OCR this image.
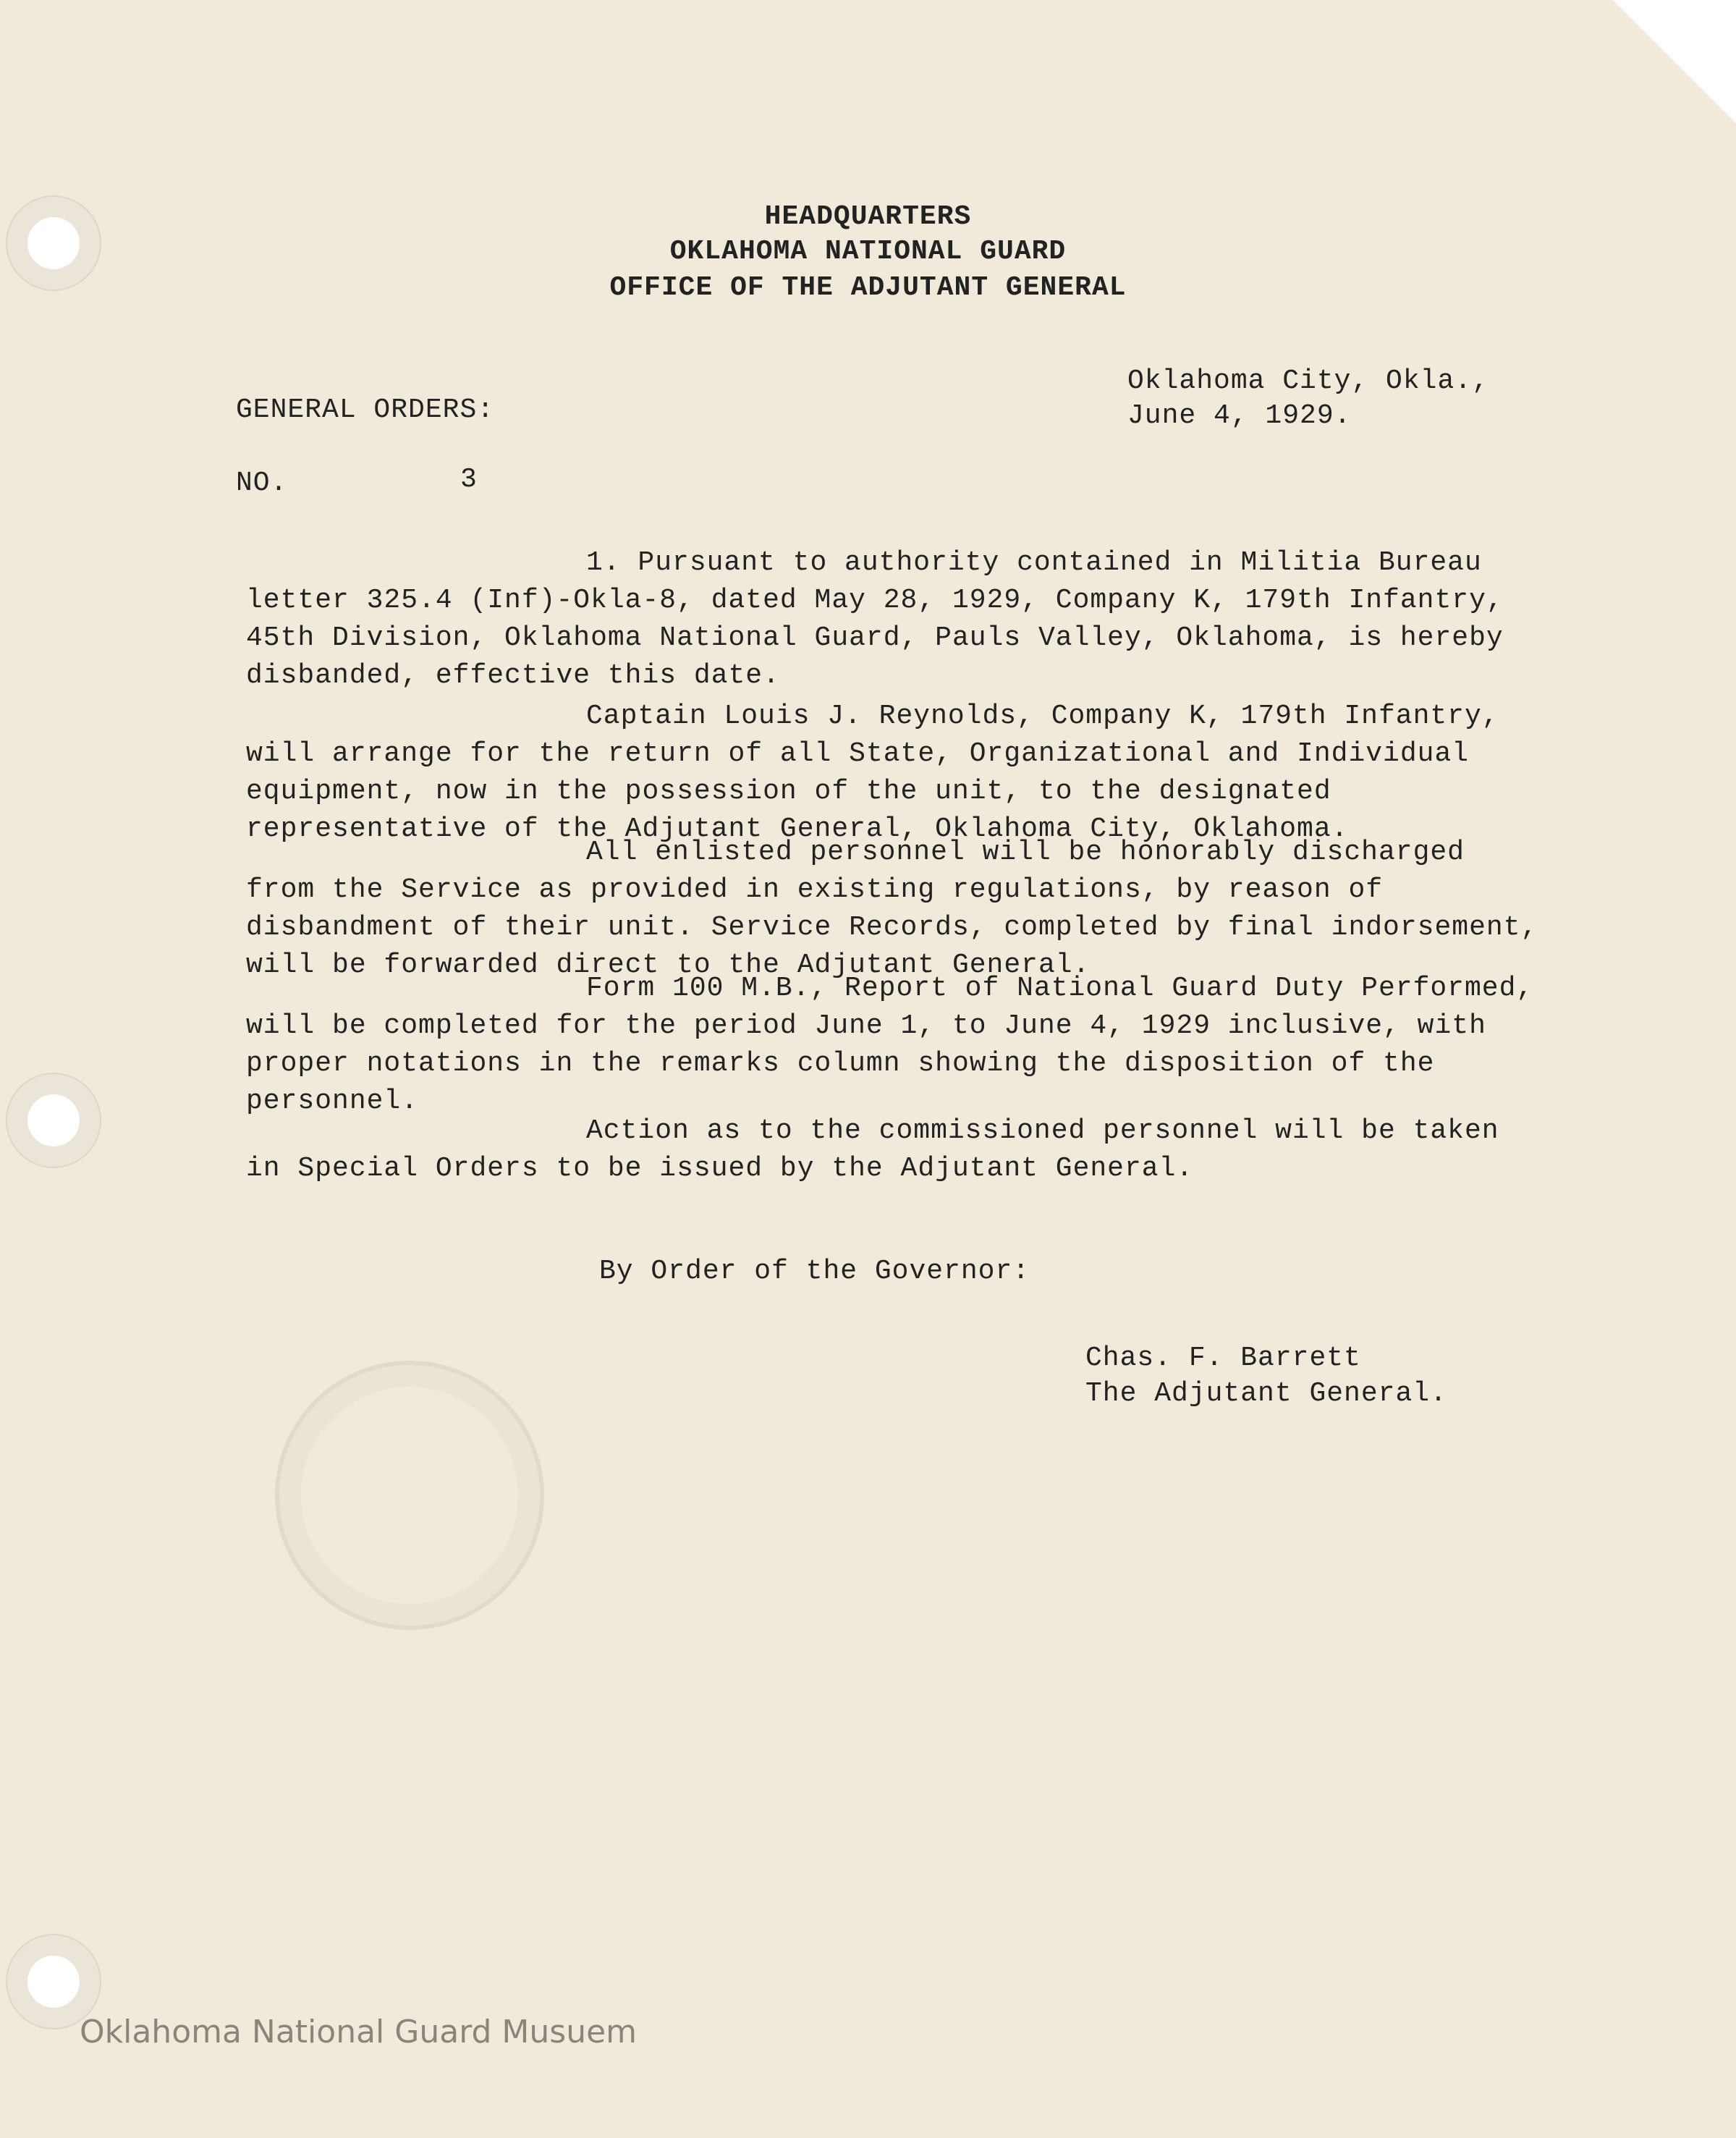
HEADQUARTERS
OKLAHOMA NATIONAL GUARD
OFFICE OF THE ADJUTANT GENERAL
Oklahoma City, Okla.,
June 4, 1929.
GENERAL ORDERS:
NO.	3

1. Pursuant to authority contained in Militia Bureau letter 325.4 (Inf)-Okla-8, dated May 28, 1929, Company K, 179th Infantry, 45th Division, Oklahoma National Guard, Pauls Valley, Oklahoma, is hereby disbanded, effective this date.

Captain Louis J. Reynolds, Company K, 179th Infantry, will arrange for the return of all State, Organizational and Individual equipment, now in the possession of the unit, to the designated representative of the Adjutant General, Oklahoma City, Oklahoma.

All enlisted personnel will be honorably discharged from the Service as provided in existing regulations, by reason of disbandment of their unit. Service Records, completed by final indorsement, will be forwarded direct to the Adjutant General.

Form 100 M.B., Report of National Guard Duty Performed, will be completed for the period June 1, to June 4, 1929 inclusive, with proper notations in the remarks column showing the disposition of the personnel.

Action as to the commissioned personnel will be taken in Special Orders to be issued by the Adjutant General.

By Order of the Governor:
Chas. F. Barrett
The Adjutant General.
Oklahoma National Guard Musuem
